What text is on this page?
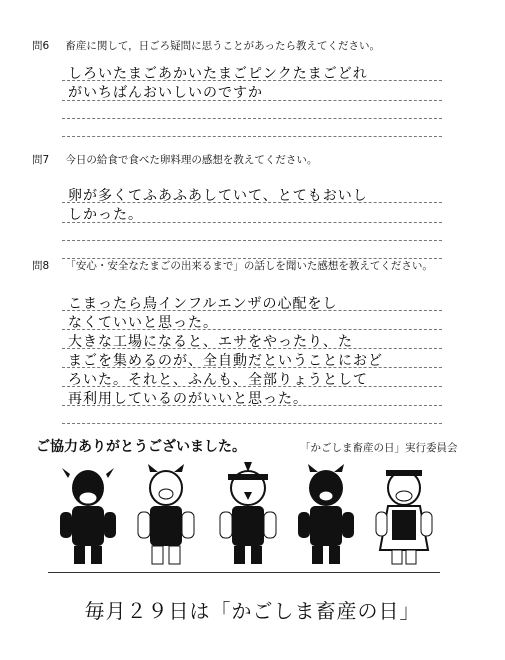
問6 畜産に関して，日ごろ疑問に思うことがあったら教えてください。
しろいたまごあかいたまごピンクたまごどれ
がいちばんおいしいのですか
問7 今日の給食で食べた卵料理の感想を教えてください。
卵が多くてふあふあしていて、とてもおいし
しかった。
問8 「安心・安全なたまごの出来るまで」の話しを聞いた感想を教えてください。
こまったら鳥インフルエンザの心配をし
なくていいと思った。
大きな工場になると、エサをやったり、た
まごを集めるのが、全自動だということにおど
ろいた。それと、ふんも、全部りょうとして
再利用しているのがいいと思った。
ご協力ありがとうございました。	「かごしま畜産の日」実行委員会
毎月２９日は「かごしま畜産の日」
